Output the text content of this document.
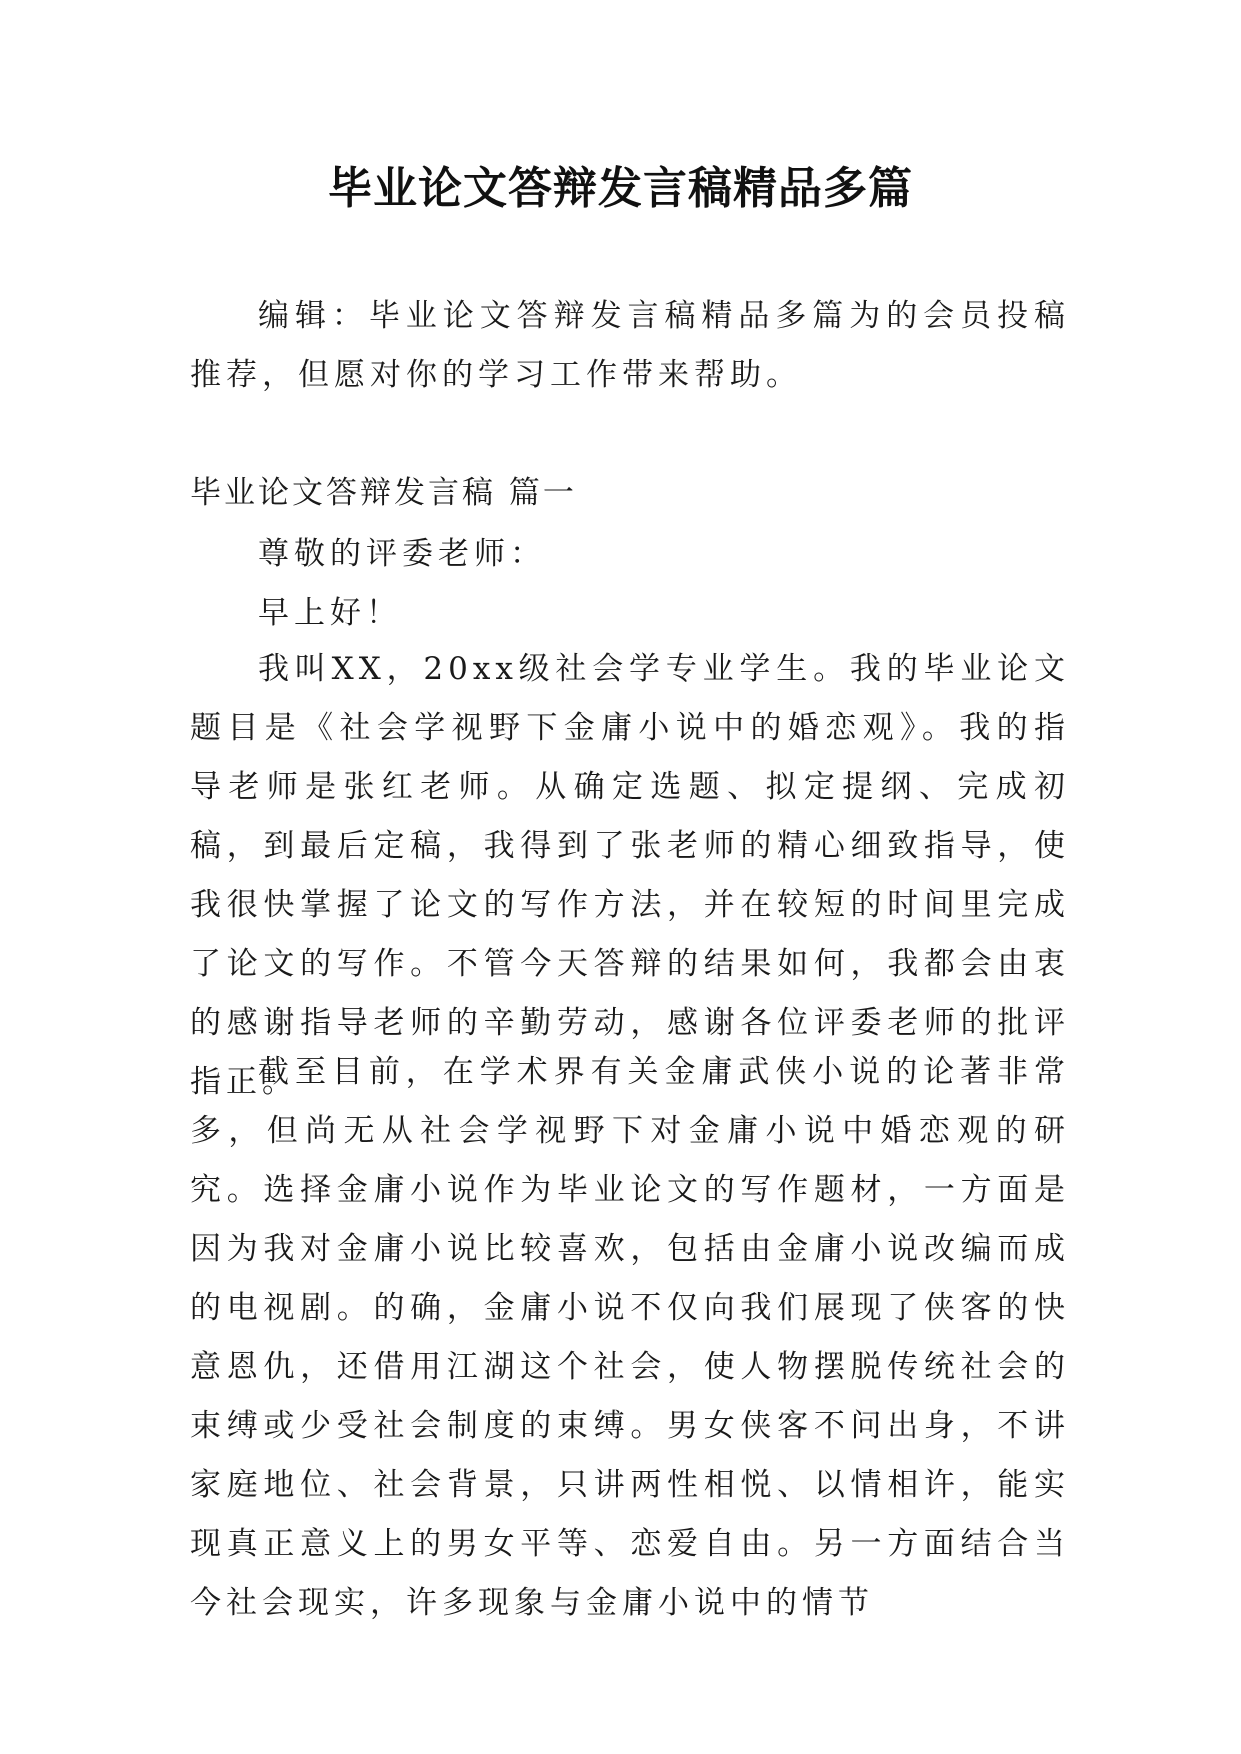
毕业论文答辩发言稿精品多篇

编辑：毕业论文答辩发言稿精品多篇为的会员投稿推荐，但愿对你的学习工作带来帮助。

毕业论文答辩发言稿 篇一

尊敬的评委老师：

早上好！

我叫XX，20xx级社会学专业学生。我的毕业论文题目是《社会学视野下金庸小说中的婚恋观》。我的指导老师是张红老师。从确定选题、拟定提纲、完成初稿，到最后定稿，我得到了张老师的精心细致指导，使我很快掌握了论文的写作方法，并在较短的时间里完成了论文的写作。不管今天答辩的结果如何，我都会由衷的感谢指导老师的辛勤劳动，感谢各位评委老师的批评指正。

截至目前，在学术界有关金庸武侠小说的论著非常多，但尚无从社会学视野下对金庸小说中婚恋观的研究。选择金庸小说作为毕业论文的写作题材，一方面是因为我对金庸小说比较喜欢，包括由金庸小说改编而成的电视剧。的确，金庸小说不仅向我们展现了侠客的快意恩仇，还借用江湖这个社会，使人物摆脱传统社会的束缚或少受社会制度的束缚。男女侠客不问出身，不讲家庭地位、社会背景，只讲两性相悦、以情相许，能实现真正意义上的男女平等、恋爱自由。另一方面结合当今社会现实，许多现象与金庸小说中的情节
